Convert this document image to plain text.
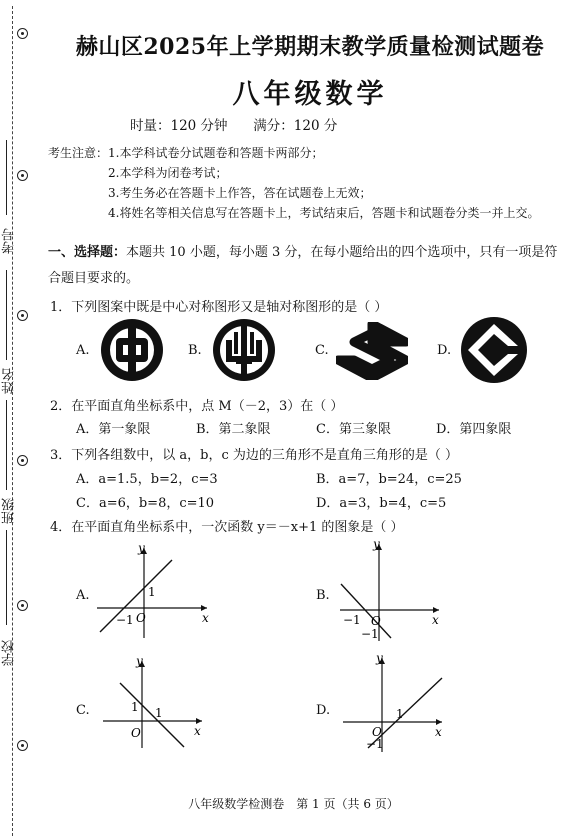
考号
姓名
班级
学校
赫山区2025年上学期期末教学质量检测试题卷
八年级数学
时量：120 分钟      满分：120 分
考生注意： 1.本学科试卷分试题卷和答题卡两部分；
2.本学科为闭卷考试；
3.考生务必在答题卡上作答，答在试题卷上无效；
4.将姓名等相关信息写在答题卡上，考试结束后，答题卡和试题卷分类一并上交。
一、选择题：本题共 10 小题，每小题 3 分，在每小题给出的四个选项中，只有一项是符合题目要求的。
1．下列图案中既是中心对称图形又是轴对称图形的是（ ）
A.	B.	C.	D.
2．在平面直角坐标系中，点 M（－2，3）在（ ）
A．第一象限	B．第二象限	C．第三象限	D．第四象限
3．下列各组数中，以 a，b，c 为边的三角形不是直角三角形的是（ ）
A．a=1.5，b=2，c=3	B．a=7，b=24，c=25
C．a=6，b=8，c=10	D．a=3，b=4，c=5
4．在平面直角坐标系中，一次函数 y＝－x+1 的图象是（ ）
A.	B.
C.	D.
x
y
O
1
−1	x
y
O
−1
−1
x
y
O
1 1
x
y
O
1
−1
八年级数学检测卷　第 1 页（共 6 页）
